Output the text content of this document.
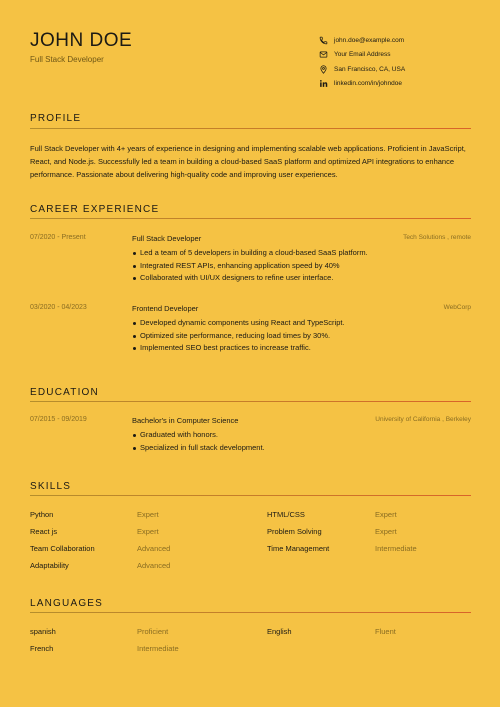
JOHN DOE
Full Stack Developer
john.doe@example.com
Your Email Address
San Francisco, CA, USA
linkedin.com/in/johndoe
PROFILE
Full Stack Developer with 4+ years of experience in designing and implementing scalable web applications. Proficient in JavaScript, React, and Node.js. Successfully led a team in building a cloud-based SaaS platform and optimized API integrations to enhance performance. Passionate about delivering high-quality code and improving user experiences.
CAREER EXPERIENCE
07/2020 - Present	Full Stack Developer	Tech Solutions , remote
Led a team of 5 developers in building a cloud-based SaaS platform.
Integrated REST APIs, enhancing application speed by 40%
Collaborated with UI/UX designers to refine user interface.
03/2020 - 04/2023	Frontend Developer	WebCorp
Developed dynamic components using React and TypeScript.
Optimized site performance, reducing load times by 30%.
Implemented SEO best practices to increase traffic.
EDUCATION
07/2015 - 09/2019	Bachelor's in Computer Science	University of California , Berkeley
Graduated with honors.
Specialized in full stack development.
SKILLS
Python	Expert	HTML/CSS	Expert
React js	Expert	Problem Solving	Expert
Team Collaboration	Advanced	Time Management	Intermediate
Adaptability	Advanced
LANGUAGES
spanish	Proficient	English	Fluent
French	Intermediate
